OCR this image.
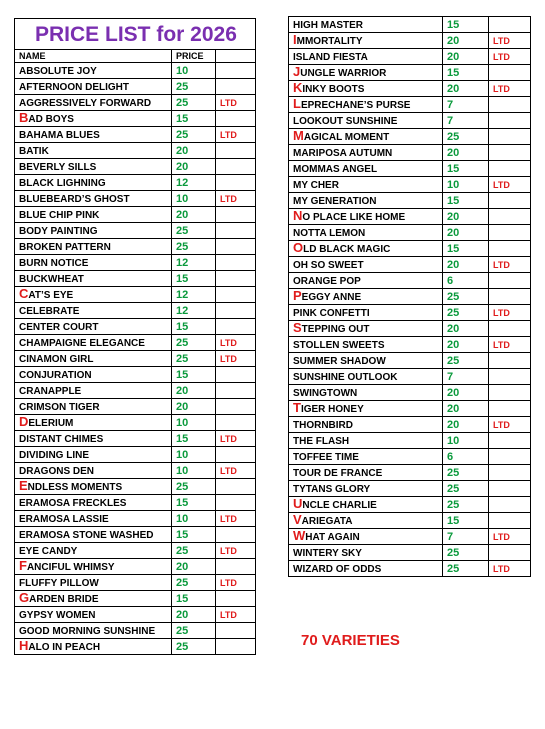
PRICE LIST for 2026		
NAME	PRICE	
ABSOLUTE JOY	10	
AFTERNOON DELIGHT	25	
AGGRESSIVELY FORWARD	25	LTD
BAD BOYS	15	
BAHAMA BLUES	25	LTD
BATIK	20	
BEVERLY SILLS	20	
BLACK LIGHNING	12	
BLUEBEARD’S GHOST	10	LTD
BLUE CHIP PINK	20	
BODY PAINTING	25	
BROKEN PATTERN	25	
BURN NOTICE	12	
BUCKWHEAT	15	
CAT’S EYE	12	
CELEBRATE	12	
CENTER COURT	15	
CHAMPAIGNE ELEGANCE	25	LTD
CINAMON GIRL	25	LTD
CONJURATION	15	
CRANAPPLE	20	
CRIMSON TIGER	20	
DELERIUM	10	
DISTANT CHIMES	15	LTD
DIVIDING LINE	10	
DRAGONS DEN	10	LTD
ENDLESS MOMENTS	25	
ERAMOSA FRECKLES	15	
ERAMOSA LASSIE	10	LTD
ERAMOSA STONE WASHED	15	
EYE CANDY	25	LTD
FANCIFUL WHIMSY	20	
FLUFFY PILLOW	25	LTD
GARDEN BRIDE	15	
GYPSY WOMEN	20	LTD
GOOD MORNING SUNSHINE	25	
HALO IN PEACH	25	
HIGH MASTER	15	
IMMORTALITY	20	LTD
ISLAND FIESTA	20	LTD
JUNGLE WARRIOR	15	
KINKY BOOTS	20	LTD
LEPRECHANE’S PURSE	7	
LOOKOUT SUNSHINE	7	
MAGICAL MOMENT	25	
MARIPOSA AUTUMN	20	
MOMMAS ANGEL	15	
MY CHER	10	LTD
MY GENERATION	15	
NO PLACE LIKE HOME	20	
NOTTA LEMON	20	
OLD BLACK MAGIC	15	
OH SO SWEET	20	LTD
ORANGE POP	6	
PEGGY ANNE	25	
PINK CONFETTI	25	LTD
STEPPING OUT	20	
STOLLEN SWEETS	20	LTD
SUMMER SHADOW	25	
SUNSHINE OUTLOOK	7	
SWINGTOWN	20	
TIGER HONEY	20	
THORNBIRD	20	LTD
THE FLASH	10	
TOFFEE TIME	6	
TOUR DE FRANCE	25	
TYTANS GLORY	25	
UNCLE CHARLIE	25	
VARIEGATA	15	
WHAT AGAIN	7	LTD
WINTERY SKY	25	
WIZARD OF ODDS	25	LTD
70 VARIETIES
